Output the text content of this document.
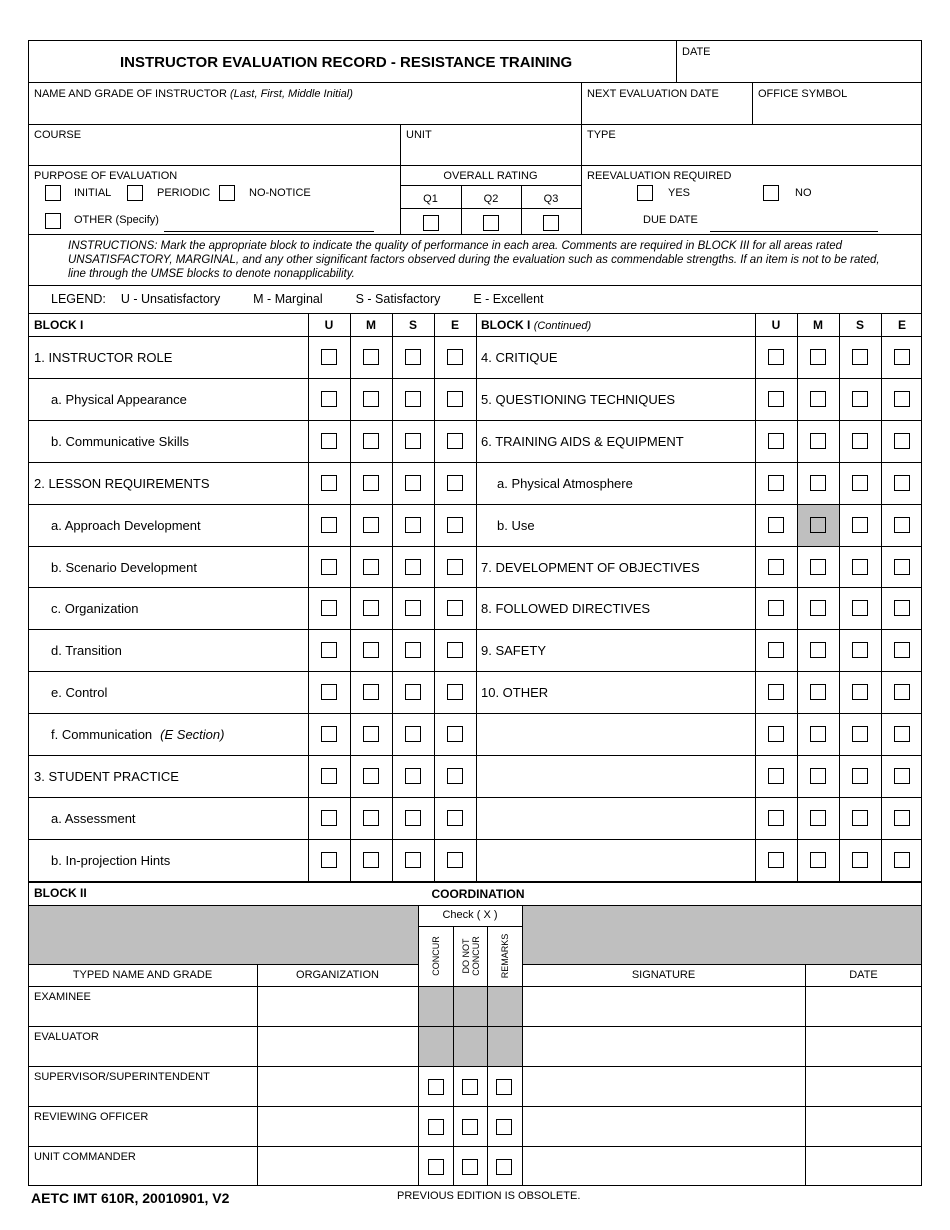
INSTRUCTOR EVALUATION RECORD - RESISTANCE TRAINING
DATE
NAME AND GRADE OF INSTRUCTOR (Last, First, Middle Initial)	NEXT EVALUATION DATE	OFFICE SYMBOL
COURSE	UNIT	TYPE
PURPOSE OF EVALUATION
INITIAL	PERIODIC	NO-NOTICE
OTHER (Specify)
OVERALL RATING
Q1	Q2	Q3
REEVALUATION REQUIRED
YES	NO
DUE DATE
INSTRUCTIONS: Mark the appropriate block to indicate the quality of performance in each area. Comments are required in BLOCK III for all areas rated UNSATISFACTORY, MARGINAL, and any other significant factors observed during the evaluation such as commendable strengths. If an item is not to be rated, line through the UMSE blocks to denote nonapplicability.
LEGEND: U - Unsatisfactory	M - Marginal	S - Satisfactory	E - Excellent
BLOCK I	BLOCK I (Continued)
BLOCK II	COORDINATION
Check ( X )
CONCUR DO NOT CONCUR REMARKS
TYPED NAME AND GRADE	ORGANIZATION	SIGNATURE	DATE
AETC IMT 610R, 20010901, V2	PREVIOUS EDITION IS OBSOLETE.
U	M	S	E	U	M	S	E
1. INSTRUCTOR ROLE	4. CRITIQUE
a. Physical Appearance	5. QUESTIONING TECHNIQUES
b. Communicative Skills	6. TRAINING AIDS & EQUIPMENT
2. LESSON REQUIREMENTS	a. Physical Atmosphere
a. Approach Development	b. Use
b. Scenario Development	7. DEVELOPMENT OF OBJECTIVES
c. Organization	8. FOLLOWED DIRECTIVES
d. Transition	9. SAFETY
e. Control	10. OTHER
f. Communication (E Section)
3. STUDENT PRACTICE
a. Assessment
b. In-projection Hints
EXAMINEE
EVALUATOR
SUPERVISOR/SUPERINTENDENT
REVIEWING OFFICER
UNIT COMMANDER
